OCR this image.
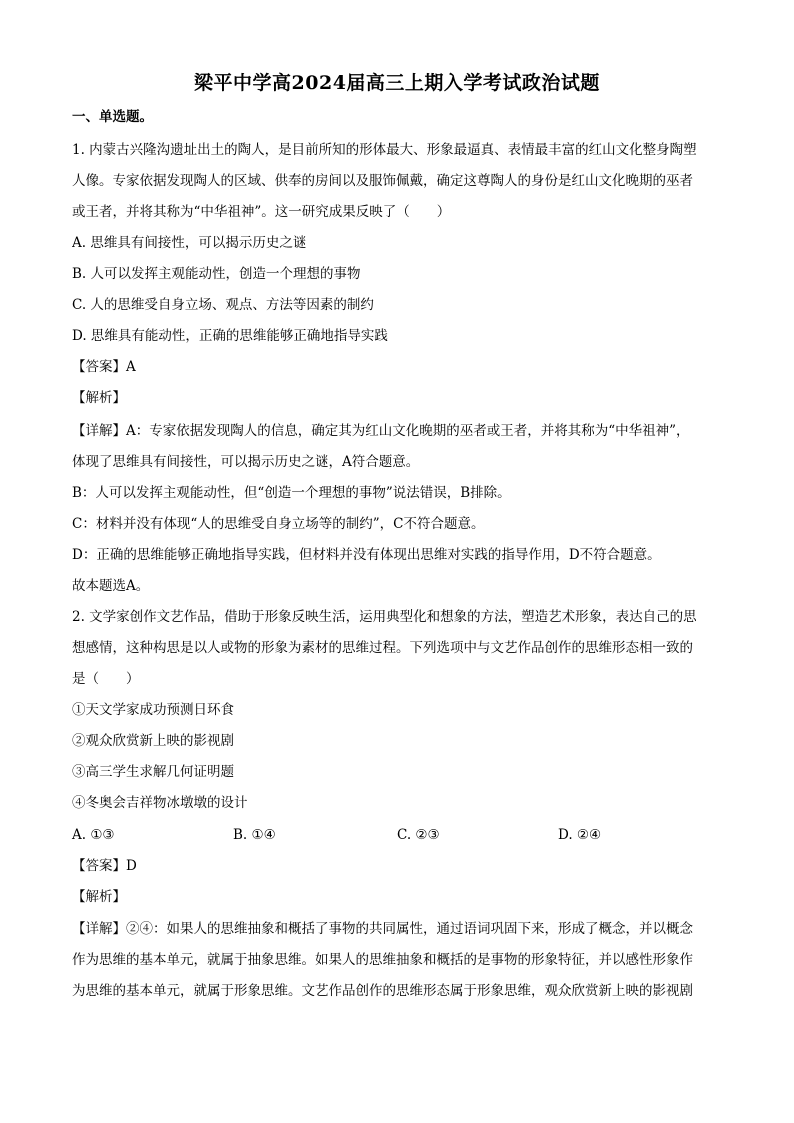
梁平中学高2024届高三上期入学考试政治试题
一、单选题。
1. 内蒙古兴隆沟遗址出土的陶人，是目前所知的形体最大、形象最逼真、表情最丰富的红山文化整身陶塑
人像。专家依据发现陶人的区域、供奉的房间以及服饰佩戴，确定这尊陶人的身份是红山文化晚期的巫者
或王者，并将其称为“中华祖神”。这一研究成果反映了（　　）
A. 思维具有间接性，可以揭示历史之谜
B. 人可以发挥主观能动性，创造一个理想的事物
C. 人的思维受自身立场、观点、方法等因素的制约
D. 思维具有能动性，正确的思维能够正确地指导实践
【答案】A
【解析】
【详解】A：专家依据发现陶人的信息，确定其为红山文化晚期的巫者或王者，并将其称为“中华祖神”，
体现了思维具有间接性，可以揭示历史之谜，A符合题意。
B：人可以发挥主观能动性，但“创造一个理想的事物”说法错误，B排除。
C：材料并没有体现“人的思维受自身立场等的制约”，C不符合题意。
D：正确的思维能够正确地指导实践，但材料并没有体现出思维对实践的指导作用，D不符合题意。
故本题选A。
2. 文学家创作文艺作品，借助于形象反映生活，运用典型化和想象的方法，塑造艺术形象，表达自己的思
想感情，这种构思是以人或物的形象为素材的思维过程。下列选项中与文艺作品创作的思维形态相一致的
是（　　）
①天文学家成功预测日环食
②观众欣赏新上映的影视剧
③高三学生求解几何证明题
④冬奥会吉祥物冰墩墩的设计
A. ①③	B. ①④	C. ②③	D. ②④
【答案】D
【解析】
【详解】②④：如果人的思维抽象和概括了事物的共同属性，通过语词巩固下来，形成了概念，并以概念
作为思维的基本单元，就属于抽象思维。如果人的思维抽象和概括的是事物的形象特征，并以感性形象作
为思维的基本单元，就属于形象思维。文艺作品创作的思维形态属于形象思维，观众欣赏新上映的影视剧
